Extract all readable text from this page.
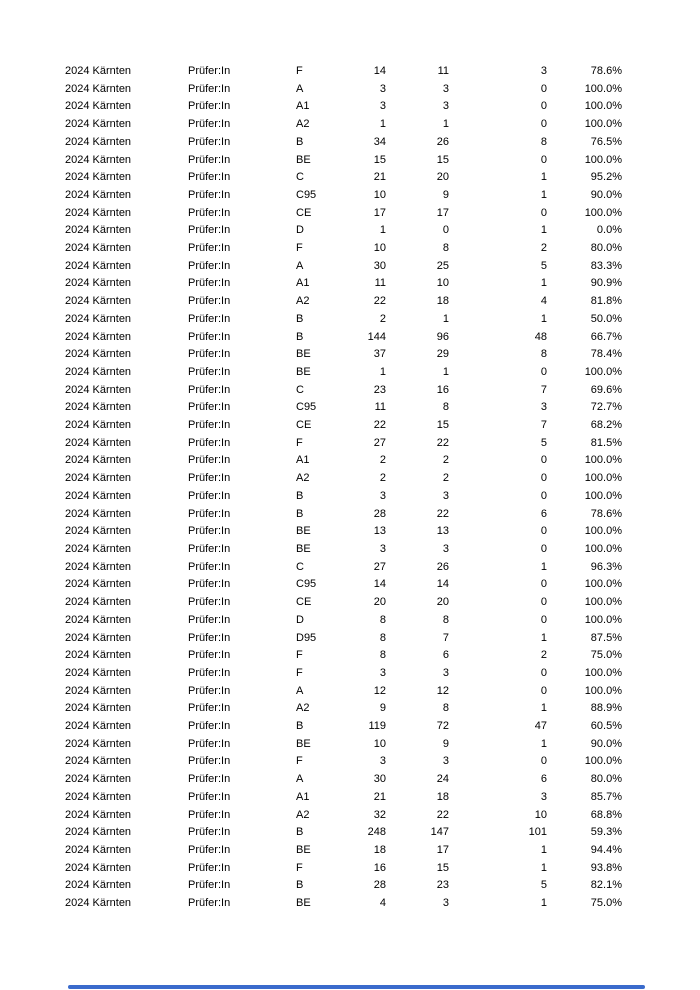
2024 Kärnten	Prüfer:In	F	14	11	3	78.6%
2024 Kärnten	Prüfer:In	A	3	3	0	100.0%
2024 Kärnten	Prüfer:In	A1	3	3	0	100.0%
2024 Kärnten	Prüfer:In	A2	1	1	0	100.0%
2024 Kärnten	Prüfer:In	B	34	26	8	76.5%
2024 Kärnten	Prüfer:In	BE	15	15	0	100.0%
2024 Kärnten	Prüfer:In	C	21	20	1	95.2%
2024 Kärnten	Prüfer:In	C95	10	9	1	90.0%
2024 Kärnten	Prüfer:In	CE	17	17	0	100.0%
2024 Kärnten	Prüfer:In	D	1	0	1	0.0%
2024 Kärnten	Prüfer:In	F	10	8	2	80.0%
2024 Kärnten	Prüfer:In	A	30	25	5	83.3%
2024 Kärnten	Prüfer:In	A1	11	10	1	90.9%
2024 Kärnten	Prüfer:In	A2	22	18	4	81.8%
2024 Kärnten	Prüfer:In	B	2	1	1	50.0%
2024 Kärnten	Prüfer:In	B	144	96	48	66.7%
2024 Kärnten	Prüfer:In	BE	37	29	8	78.4%
2024 Kärnten	Prüfer:In	BE	1	1	0	100.0%
2024 Kärnten	Prüfer:In	C	23	16	7	69.6%
2024 Kärnten	Prüfer:In	C95	11	8	3	72.7%
2024 Kärnten	Prüfer:In	CE	22	15	7	68.2%
2024 Kärnten	Prüfer:In	F	27	22	5	81.5%
2024 Kärnten	Prüfer:In	A1	2	2	0	100.0%
2024 Kärnten	Prüfer:In	A2	2	2	0	100.0%
2024 Kärnten	Prüfer:In	B	3	3	0	100.0%
2024 Kärnten	Prüfer:In	B	28	22	6	78.6%
2024 Kärnten	Prüfer:In	BE	13	13	0	100.0%
2024 Kärnten	Prüfer:In	BE	3	3	0	100.0%
2024 Kärnten	Prüfer:In	C	27	26	1	96.3%
2024 Kärnten	Prüfer:In	C95	14	14	0	100.0%
2024 Kärnten	Prüfer:In	CE	20	20	0	100.0%
2024 Kärnten	Prüfer:In	D	8	8	0	100.0%
2024 Kärnten	Prüfer:In	D95	8	7	1	87.5%
2024 Kärnten	Prüfer:In	F	8	6	2	75.0%
2024 Kärnten	Prüfer:In	F	3	3	0	100.0%
2024 Kärnten	Prüfer:In	A	12	12	0	100.0%
2024 Kärnten	Prüfer:In	A2	9	8	1	88.9%
2024 Kärnten	Prüfer:In	B	119	72	47	60.5%
2024 Kärnten	Prüfer:In	BE	10	9	1	90.0%
2024 Kärnten	Prüfer:In	F	3	3	0	100.0%
2024 Kärnten	Prüfer:In	A	30	24	6	80.0%
2024 Kärnten	Prüfer:In	A1	21	18	3	85.7%
2024 Kärnten	Prüfer:In	A2	32	22	10	68.8%
2024 Kärnten	Prüfer:In	B	248	147	101	59.3%
2024 Kärnten	Prüfer:In	BE	18	17	1	94.4%
2024 Kärnten	Prüfer:In	F	16	15	1	93.8%
2024 Kärnten	Prüfer:In	B	28	23	5	82.1%
2024 Kärnten	Prüfer:In	BE	4	3	1	75.0%
